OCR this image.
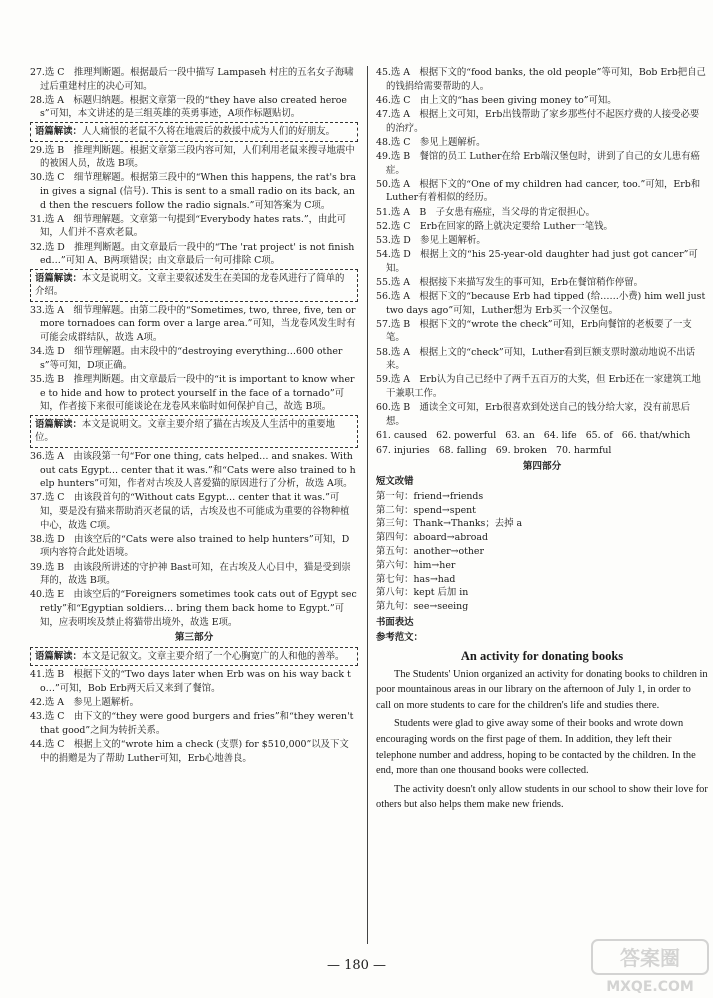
27.选 C　推理判断题。根据最后一段中描写 Lampaseh 村庄的五名女子海啸过后重建村庄的决心可知。
28.选 A　标题归纳题。根据文章第一段的“they have also created heroes”可知，本文讲述的是三组英雄的英勇事迹，A项作标题贴切。
语篇解读：人人痛恨的老鼠不久将在地震后的救援中成为人们的好朋友。
29.选 B　推理判断题。根据文章第三段内容可知，人们利用老鼠来搜寻地震中的被困人员，故选 B项。
30.选 C　细节理解题。根据第三段中的“When this happens, the rat's brain gives a signal (信号). This is sent to a small radio on its back, and then the rescuers follow the radio signals.”可知答案为 C项。
31.选 A　细节理解题。文章第一句提到“Everybody hates rats.”，由此可知，人们并不喜欢老鼠。
32.选 D　推理判断题。由文章最后一段中的“The 'rat project' is not finished…”可知 A、B两项错误；由文章最后一句可排除 C项。
语篇解读：本文是说明文。文章主要叙述发生在美国的龙卷风进行了简单的介绍。
33.选 A　细节理解题。由第二段中的“Sometimes, two, three, five, ten or more tornadoes can form over a large area.”可知，当龙卷风发生时有可能会成群结队，故选 A项。
34.选 D　细节理解题。由末段中的“destroying everything…600 others”等可知，D项正确。
35.选 B　推理判断题。由文章最后一段中的“it is important to know where to hide and how to protect yourself in the face of a tornado”可知，作者接下来很可能谈论在龙卷风来临时如何保护自己，故选 B项。
语篇解读：本文是说明文。文章主要介绍了猫在古埃及人生活中的重要地位。
36.选 A　由该段第一句“For one thing, cats helped… and snakes. Without cats Egypt… center that it was.”和“Cats were also trained to help hunters”可知，作者对古埃及人喜爱猫的原因进行了分析，故选 A项。
37.选 C　由该段首句的“Without cats Egypt… center that it was.”可知，要是没有猫来帮助消灭老鼠的话，古埃及也不可能成为重要的谷物种植中心，故选 C项。
38.选 D　由该空后的“Cats were also trained to help hunters”可知，D项内容符合此处语境。
39.选 B　由该段所讲述的守护神 Bast可知，在古埃及人心目中，猫是受到崇拜的，故选 B项。
40.选 E　由该空后的“Foreigners sometimes took cats out of Egypt secretly”和“Egyptian soldiers… bring them back home to Egypt.”可知，应表明埃及禁止将猫带出境外，故选 E项。
第三部分
语篇解读：本文是记叙文。文章主要介绍了一个心胸宽广的人和他的善举。
41.选 B　根据下文的“Two days later when Erb was on his way back to…”可知，Bob Erb两天后又来到了餐馆。
42.选 A　参见上题解析。
43.选 C　由下文的“they were good burgers and fries”和“they weren't that good”之间为转折关系。
44.选 C　根据上文的“wrote him a check (支票) for $510,000”以及下文中的捐赠是为了帮助 Luther可知，Erb心地善良。
45.选 A　根据下文的“food banks, the old people”等可知，Bob Erb把自己的钱捐给需要帮助的人。
46.选 C　由上文的“has been giving money to”可知。
47.选 A　根据上文可知，Erb出钱帮助了家乡那些付不起医疗费的人接受必要的治疗。
48.选 C　参见上题解析。
49.选 B　餐馆的员工 Luther在给 Erb端汉堡包时，讲到了自己的女儿患有癌症。
50.选 A　根据下文的“One of my children had cancer, too.”可知，Erb和 Luther有着相似的经历。
51.选 A　B　子女患有癌症，当父母的肯定很担心。
52.选 C　Erb在回家的路上就决定要给 Luther一笔钱。
53.选 D　参见上题解析。
54.选 D　根据上文的“his 25-year-old daughter had just got cancer”可知。
55.选 A　根据接下来描写发生的事可知，Erb在餐馆稍作停留。
56.选 A　根据下文的“because Erb had tipped (给……小费) him well just two days ago”可知，Luther想为 Erb买一个汉堡包。
57.选 B　根据下文的“wrote the check”可知，Erb向餐馆的老板要了一支笔。
58.选 A　根据上文的“check”可知，Luther看到巨额支票时激动地说不出话来。
59.选 A　Erb认为自己已经中了两千五百万的大奖，但 Erb还在一家建筑工地干兼职工作。
60.选 B　通读全文可知，Erb很喜欢到处送自己的钱分给大家，没有前思后想。
61. caused 62. powerful 63. an 64. life 65. of 66. that/which
67. injuries 68. falling 69. broken 70. harmful
第四部分
短文改错
第一句：friend→friends
第二句：spend→spent
第三句：Thank→Thanks；去掉 a
第四句：aboard→abroad
第五句：another→other
第六句：him→her
第七句：has→had
第八句：kept 后加 in
第九句：see→seeing
书面表达
参考范文：
An activity for donating books

The Students' Union organized an activity for donating books to children in poor mountainous areas in our library on the afternoon of July 1, in order to call on more students to care for the children's life and studies there.

Students were glad to give away some of their books and wrote down encouraging words on the first page of them. In addition, they left their telephone number and address, hoping to be contacted by the children. In the end, more than one thousand books were collected.

The activity doesn't only allow students in our school to show their love for others but also helps them make new friends.

— 180 —	答案圈
MXQE.COM
